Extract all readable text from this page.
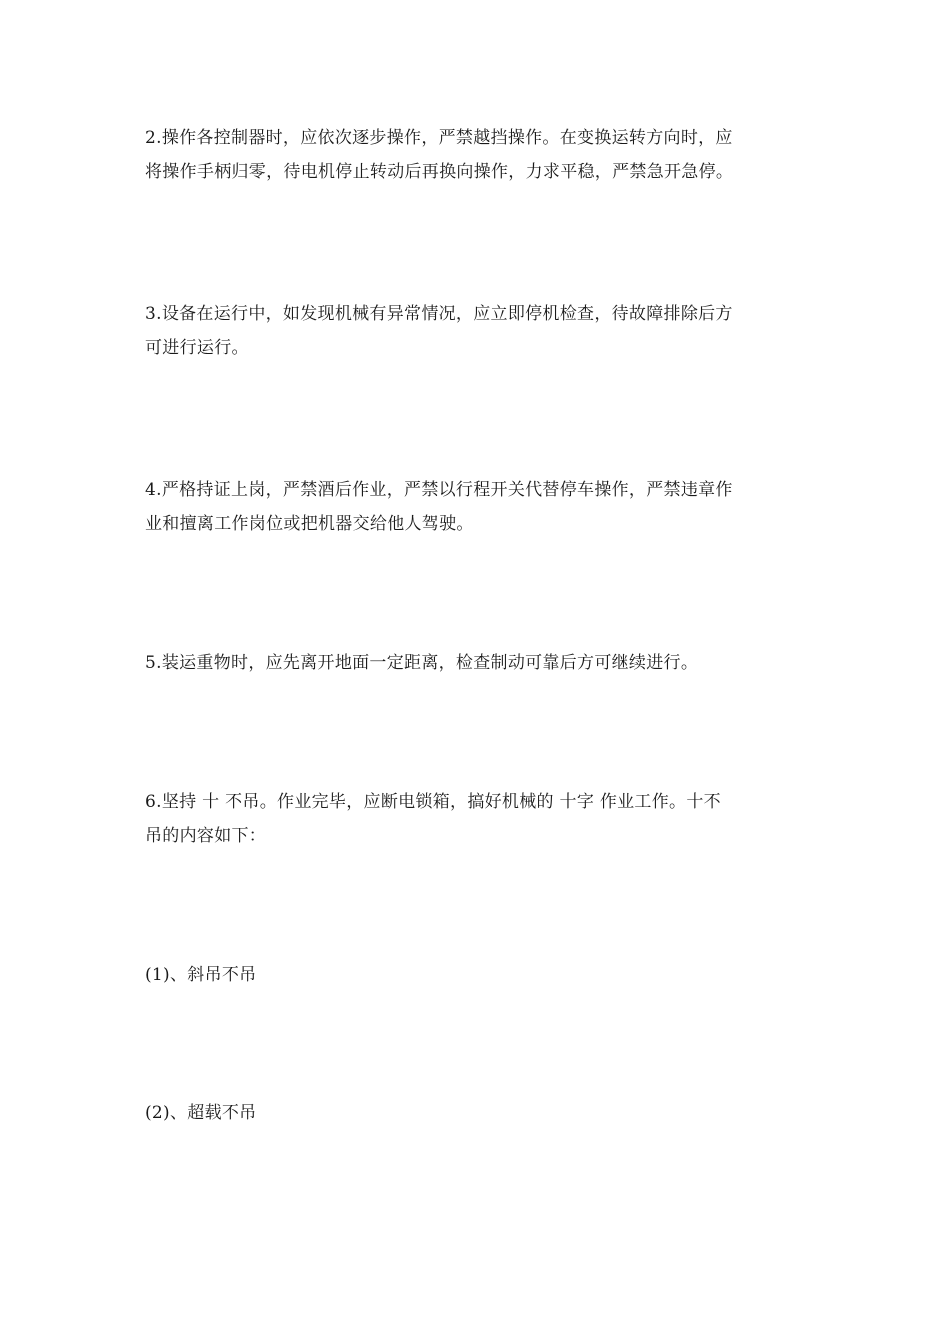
2.操作各控制器时，应依次逐步操作，严禁越挡操作。在变换运转方向时，应
将操作手柄归零，待电机停止转动后再换向操作，力求平稳，严禁急开急停。

3.设备在运行中，如发现机械有异常情况，应立即停机检查，待故障排除后方
可进行运行。

4.严格持证上岗，严禁酒后作业，严禁以行程开关代替停车操作，严禁违章作
业和擅离工作岗位或把机器交给他人驾驶。

5.装运重物时，应先离开地面一定距离，检查制动可靠后方可继续进行。

6.坚持 十 不吊。作业完毕，应断电锁箱，搞好机械的 十字 作业工作。十不
吊的内容如下：

(1)、斜吊不吊

(2)、超载不吊
